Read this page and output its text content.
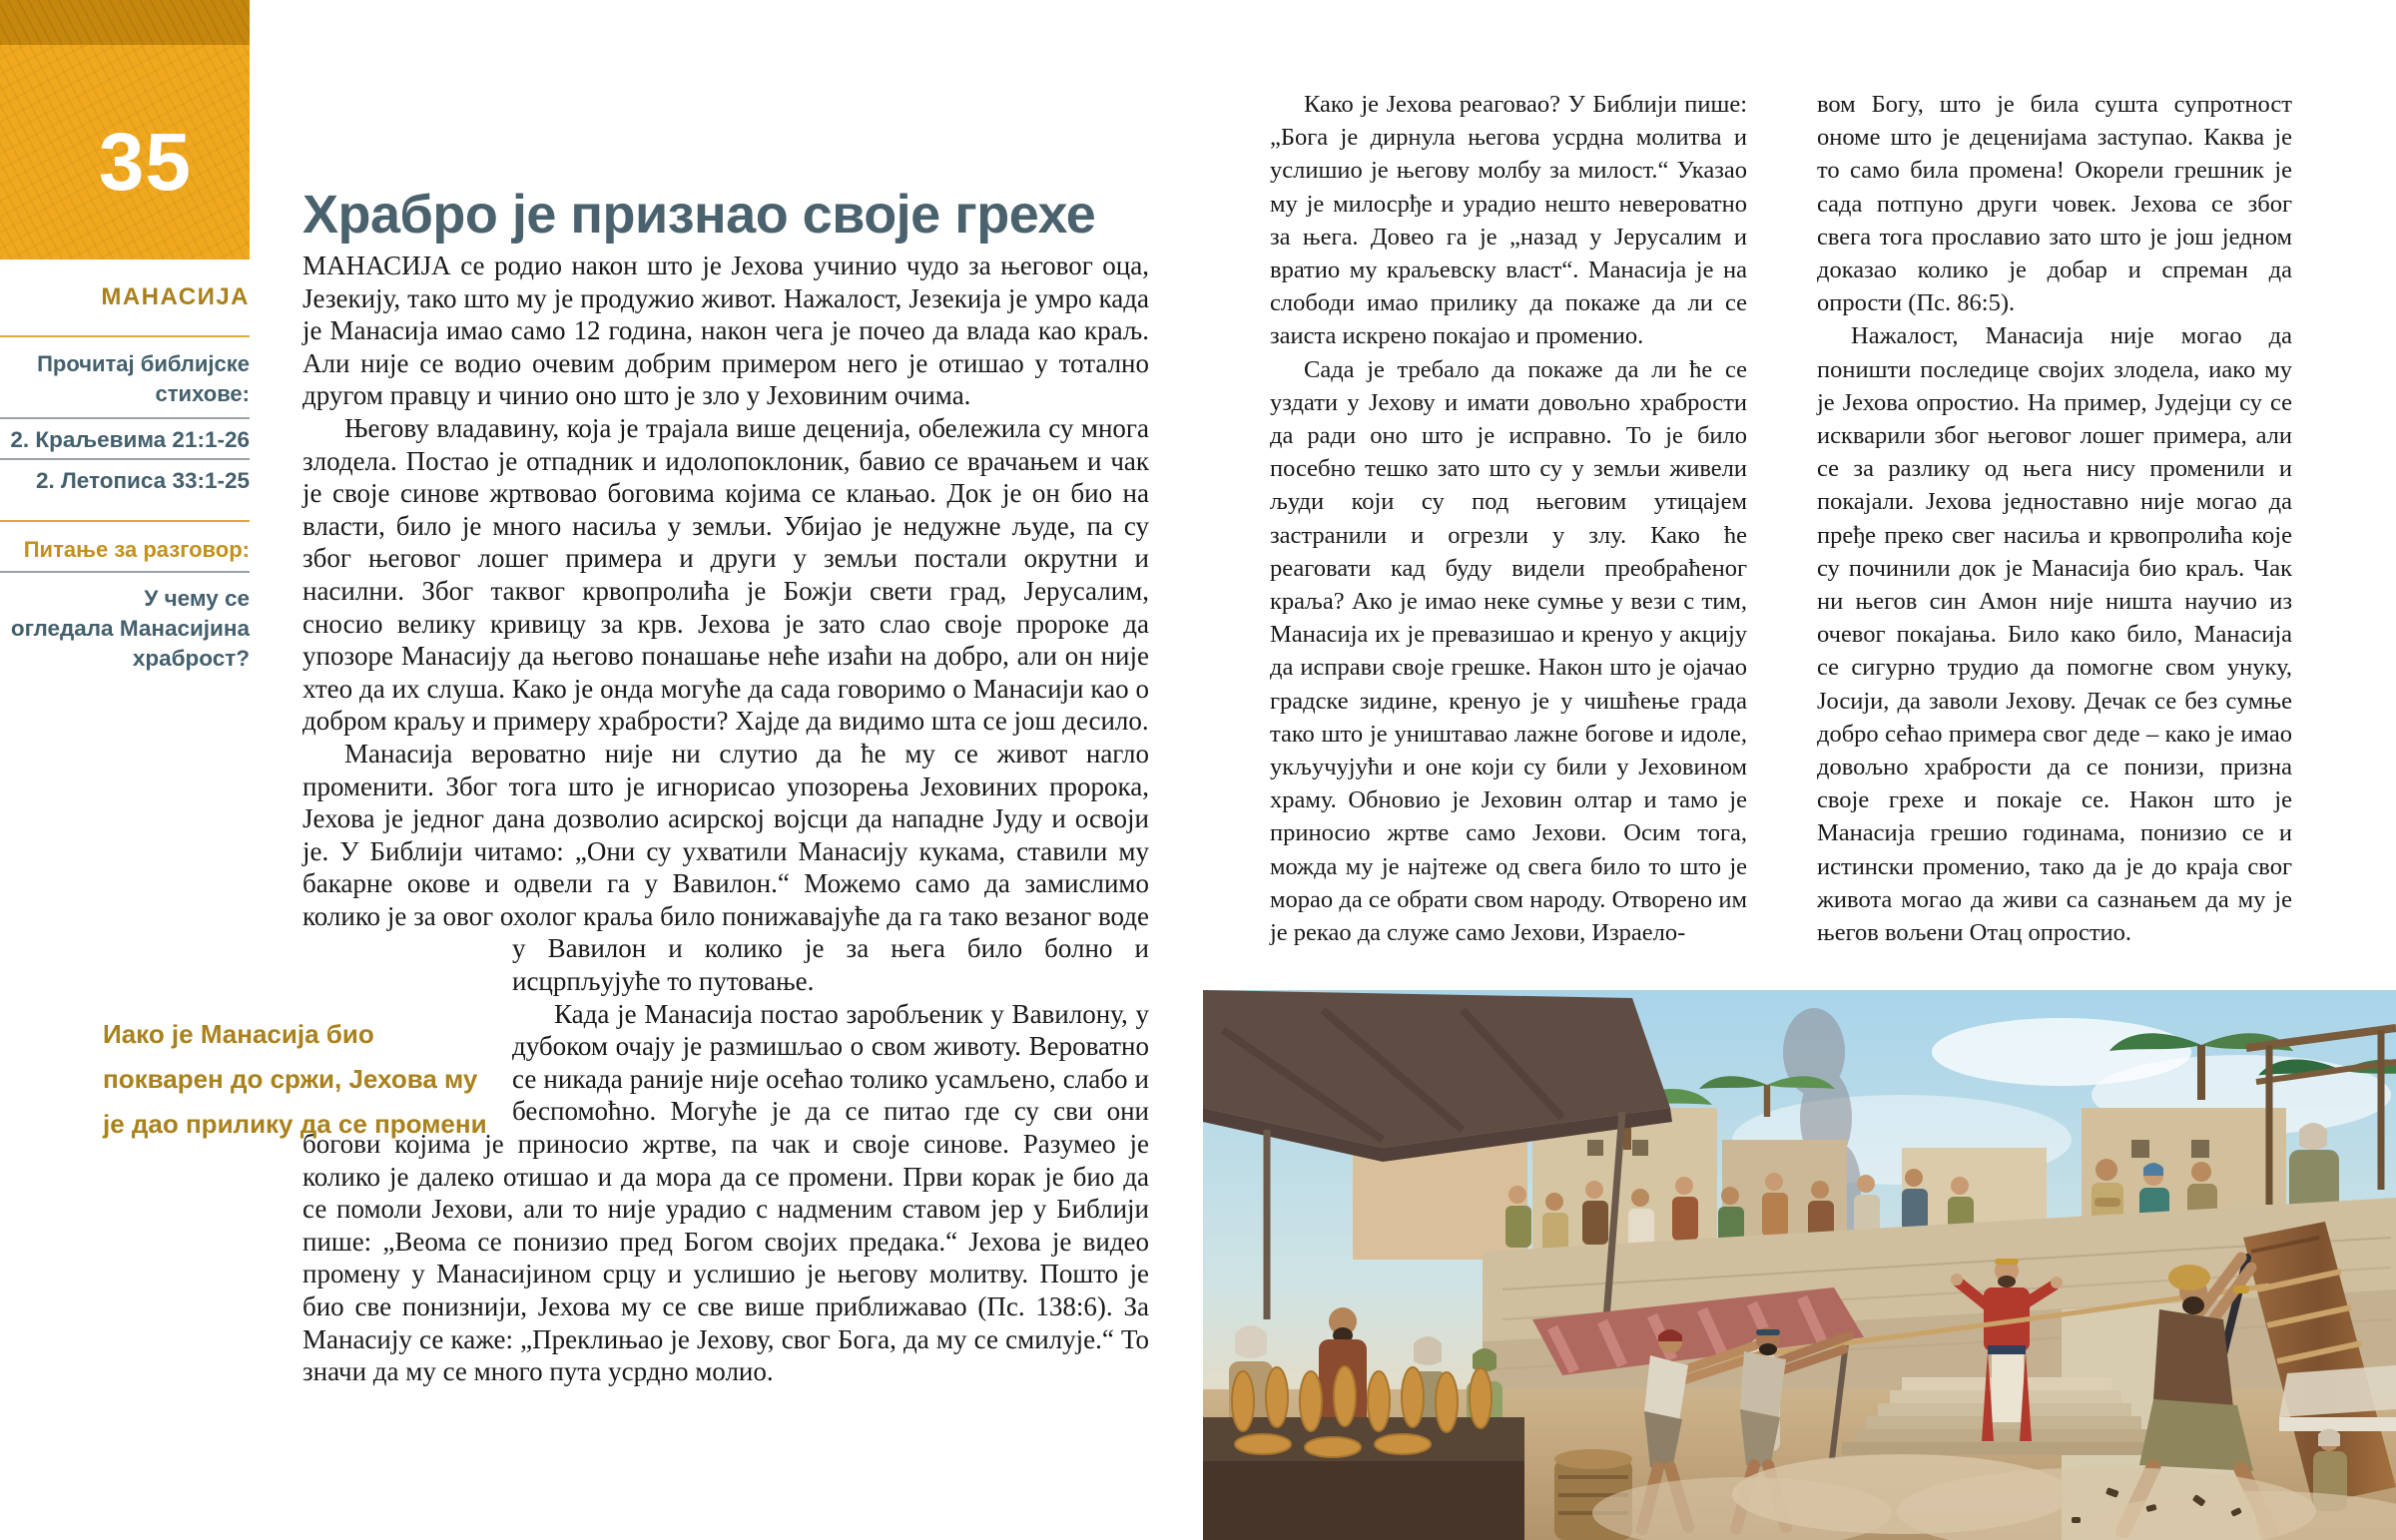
35
МАНАСИЈА
Прочитај библијске
стихове:
2. Краљевима 21:1-26
2. Летописа 33:1-25
Питање за разговор:
У чему се
огледала Манасијина
храброст?
Храбро је признао своје грехе

МАНАСИЈА се родио након што је Јехова учинио чудо за његовог оца, Језекију, тако што му је продужио живот. Нажалост, Језекија је умро када је Манасија имао само 12 година, након чега је почео да влада као краљ. Али није се водио очевим добрим примером него је отишао у тотално другом правцу и чинио оно што је зло у Јеховиним очима.

Његову владавину, која је трајала више деценија, обележила су многа злодела. Постао је отпадник и идолопоклоник, бавио се врачањем и чак је своје синове жртвовао боговима којима се клањао. Док је он био на власти, било је много насиља у земљи. Убијао је недужне људе, па су због његовог лошег примера и други у земљи постали окрутни и насилни. Због таквог крвопролића је Божји свети град, Јерусалим, сносио велику кривицу за крв. Јехова је зато слао своје пророке да упозоре Манасију да његово понашање неће изаћи на добро, али он није хтео да их слуша. Како је онда могуће да сада говоримо о Манасији као о добром краљу и примеру храбрости? Хајде да видимо шта се још десило.

Манасија вероватно није ни слутио да ће му се живот нагло променити. Због тога што је игнорисао упозорења Јеховиних пророка, Јехова је једног дана дозволио асирској војсци да нападне Јуду и освоји је. У Библији читамо: „Они су ухватили Манасију кукама, ставили му бакарне окове и одвели га у Вавилон.“ Можемо само да замислимо колико је за овог охолог краља било понижавајуће да га тако везаног воде
у Вавилон и колико је за њега било болно и исцрпљујуће то путовање.

Када је Манасија постао заробљеник у Вавилону, у дубоком очају је размишљао о свом животу. Вероватно се никада раније није осећао толико усамљено, слабо и беспомоћно. Могуће је да се питао где су сви они богови којима је приносио жртве, па чак и своје синове. Разумео је колико је далеко отишао и да мора да се промени. Први корак је био да се помоли Јехови, али то није урадио с надменим ставом јер у Библији пише: „Веома се понизио пред Богом својих предака.“ Јехова је видео промену у Манасијином срцу и услишио је његову молитву. Пошто је био све понизнији, Јехова му се све више приближавао (Пс. 138:6). За Манасију се каже: „Преклињао је Јехову, свог Бога, да му се смилује.“ То значи да му се много пута усрдно молио.

Иако је Манасија био покварен до сржи, Јехова му је дао прилику да се промени

Како је Јехова реаговао? У Библији пише: „Бога је дирнула његова усрдна молитва и услишио је његову молбу за милост.“ Указао му је милосрђе и урадио нешто невероватно за њега. Довео га је „назад у Јерусалим и вратио му краљевску власт“. Манасија је на слободи имао прилику да покаже да ли се заиста искрено покајао и променио.

Сада је требало да покаже да ли ће се уздати у Јехову и имати довољно храбрости да ради оно што је исправно. То је било посебно тешко зато што су у земљи живели људи који су под његовим утицајем застранили и огрезли у злу. Како ће реаговати кад буду видели преобраћеног краља? Ако је имао неке сумње у вези с тим, Манасија их је превазишао и кренуо у акцију да исправи своје грешке. Након што је ојачао градске зидине, кренуо је у чишћење града тако што је уништавао лажне богове и идоле, укључујући и оне који су били у Јеховином храму. Обновио је Јеховин олтар и тамо је приносио жртве само Јехови. Осим тога, можда му је најтеже од свега било то што је морао да се обрати свом народу. Отворено им је рекао да служе само Јехови, Израело-

вом Богу, што је била сушта супротност ономе што је деценијама заступао. Каква је то само била промена! Окорели грешник је сада потпуно други човек. Јехова се због свега тога прославио зато што је још једном доказао колико је добар и спреман да опрости (Пс. 86:5).

Нажалост, Манасија није могао да поништи последице својих злодела, иако му је Јехова опростио. На пример, Јудејци су се искварили због његовог лошег примера, али се за разлику од њега нису променили и покајали. Јехова једноставно није могао да пређе преко свег насиља и крвопролића које су починили док је Манасија био краљ. Чак ни његов син Амон није ништа научио из очевог покајања. Било како било, Манасија се сигурно трудио да помогне свом унуку, Јосији, да заволи Јехову. Дечак се без сумње добро сећао примера свог деде – како је имао довољно храбрости да се понизи, призна своје грехе и покаје се. Након што је Манасија грешио годинама, понизио се и истински променио, тако да је до краја свог живота могао да живи са сазнањем да му је његов вољени Отац опростио.
